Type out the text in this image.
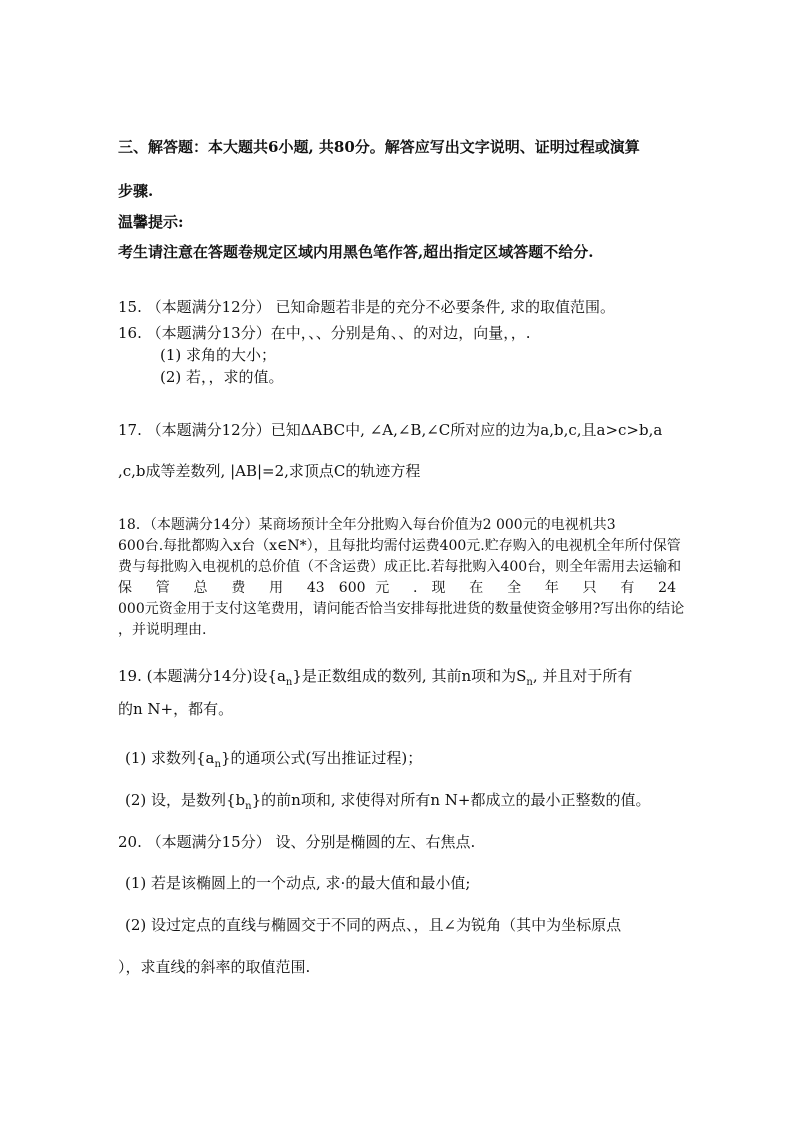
三、解答题：本大题共6小题, 共80分。解答应写出文字说明、证明过程或演算
步骤.
温馨提示:
考生请注意在答题卷规定区域内用黑色笔作答,超出指定区域答题不给分.
15. （本题满分12分） 已知命题若非是的充分不必要条件, 求的取值范围。
16. （本题满分13分）在中，、、分别是角、、的对边，向量，，.
(1) 求角的大小；
(2) 若，，求的值。
17. （本题满分12分）已知ΔABC中, ∠A,∠B,∠C所对应的边为a,b,c,且a>c>b,a
,c,b成等差数列, |AB|=2,求顶点C的轨迹方程
18．（本题满分14分）某商场预计全年分批购入每台价值为2 000元的电视机共3
600台.每批都购入x台（x∈N*），且每批均需付运费400元.贮存购入的电视机全年所付保管
费与每批购入电视机的总价值（不含运费）成正比.若每批购入400台，则全年需用去运输和
保 管 总 费 用 43 600元 . 现 在 全 年 只 有 24
000元资金用于支付这笔费用，请问能否恰当安排每批进货的数量使资金够用?写出你的结论
，并说明理由.
19. (本题满分14分)设$\{a_n\}$是正数组成的数列, 其前n项和为$S_n$, 并且对于所有
的n N+，都有。
(1) 求数列$\{a_n\}$的通项公式(写出推证过程)；
(2) 设，是数列$\{b_n\}$的前n项和, 求使得对所有n N+都成立的最小正整数的值。
20. （本题满分15分） 设、分别是椭圆的左、右焦点.
(1) 若是该椭圆上的一个动点, 求·的最大值和最小值;
(2) 设过定点的直线与椭圆交于不同的两点、，且∠为锐角（其中为坐标原点
），求直线的斜率的取值范围.
